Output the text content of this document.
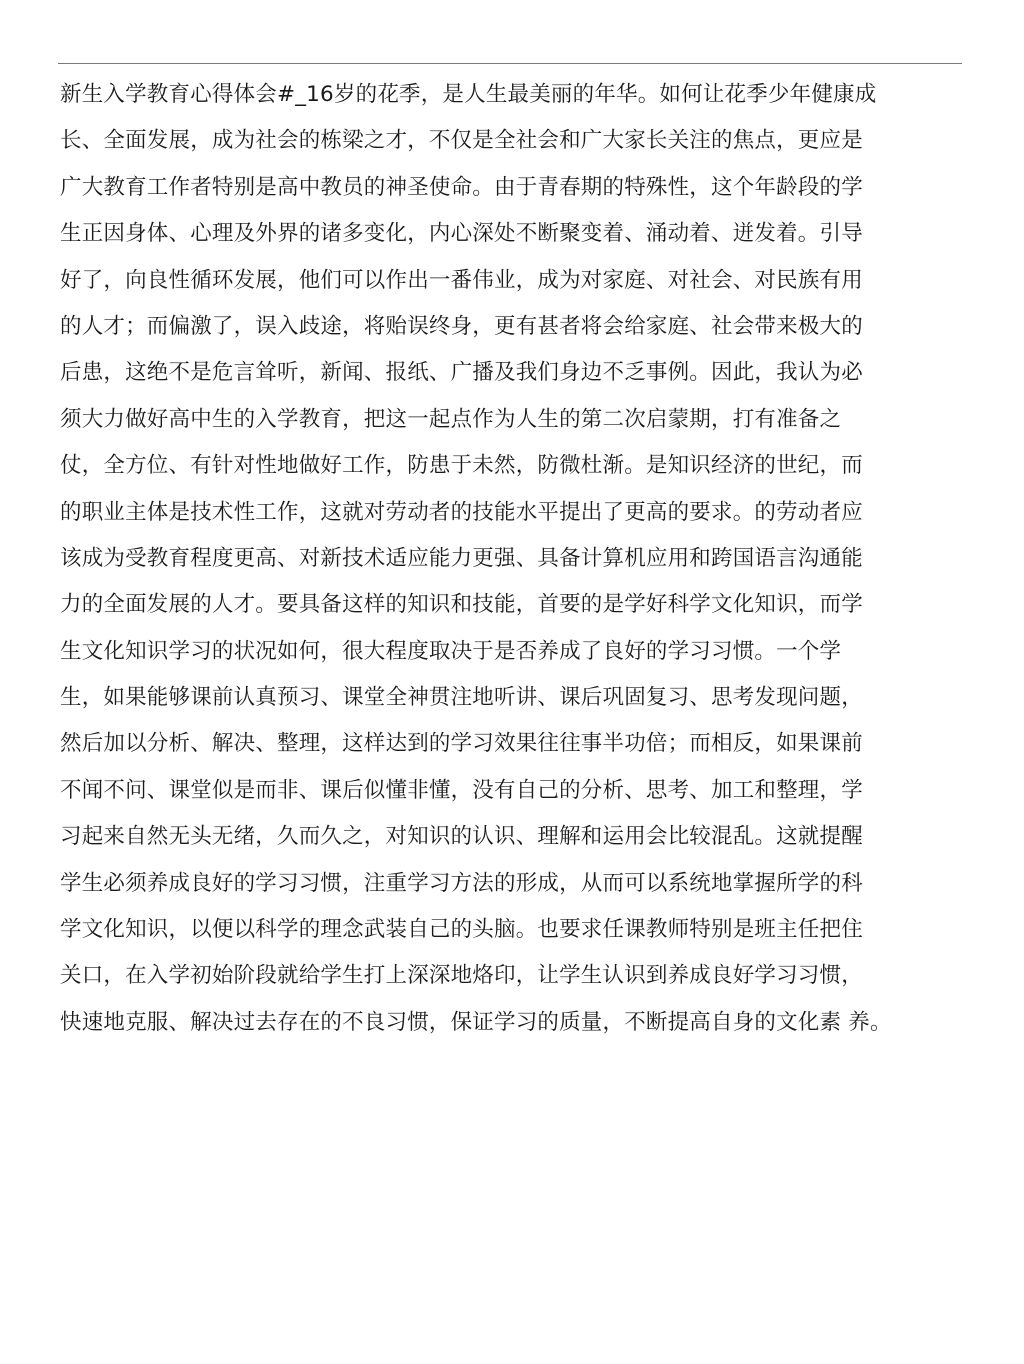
新生入学教育心得体会#_16岁的花季，是人生最美丽的年华。如何让花季少年健康成
长、全面发展，成为社会的栋梁之才，不仅是全社会和广大家长关注的焦点，更应是
广大教育工作者特别是高中教员的神圣使命。由于青春期的特殊性，这个年龄段的学
生正因身体、心理及外界的诸多变化，内心深处不断聚变着、涌动着、迸发着。引导
好了，向良性循环发展，他们可以作出一番伟业，成为对家庭、对社会、对民族有用
的人才；而偏激了，误入歧途，将贻误终身，更有甚者将会给家庭、社会带来极大的
后患，这绝不是危言耸听，新闻、报纸、广播及我们身边不乏事例。因此，我认为必
须大力做好高中生的入学教育，把这一起点作为人生的第二次启蒙期，打有准备之
仗，全方位、有针对性地做好工作，防患于未然，防微杜渐。是知识经济的世纪，而
的职业主体是技术性工作，这就对劳动者的技能水平提出了更高的要求。的劳动者应
该成为受教育程度更高、对新技术适应能力更强、具备计算机应用和跨国语言沟通能
力的全面发展的人才。要具备这样的知识和技能，首要的是学好科学文化知识，而学
生文化知识学习的状况如何，很大程度取决于是否养成了良好的学习习惯。一个学
生，如果能够课前认真预习、课堂全神贯注地听讲、课后巩固复习、思考发现问题，
然后加以分析、解决、整理，这样达到的学习效果往往事半功倍；而相反，如果课前
不闻不问、课堂似是而非、课后似懂非懂，没有自己的分析、思考、加工和整理，学
习起来自然无头无绪，久而久之，对知识的认识、理解和运用会比较混乱。这就提醒
学生必须养成良好的学习习惯，注重学习方法的形成，从而可以系统地掌握所学的科
学文化知识，以便以科学的理念武装自己的头脑。也要求任课教师特别是班主任把住
关口，在入学初始阶段就给学生打上深深地烙印，让学生认识到养成良好学习习惯，
快速地克服、解决过去存在的不良习惯，保证学习的质量，不断提高自身的文化素 养。
